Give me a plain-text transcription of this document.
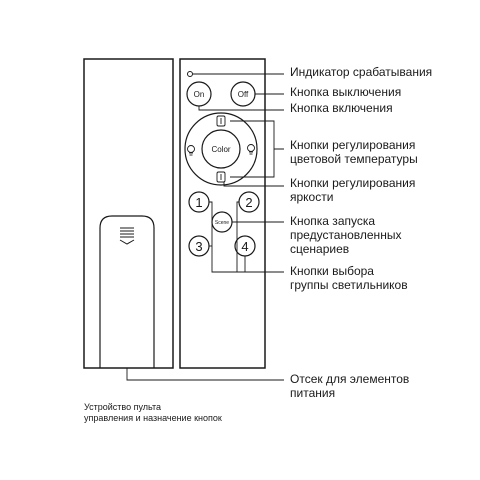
On	Off
Color
1	2
Scene
3	4
Индикатор срабатывания
Кнопка выключения
Кнопка включения
Кнопки регулирования
цветовой температуры
Кнопки регулирования
яркости
Кнопка запуска
предустановленных
сценариев
Кнопки выбора
группы светильников
Отсек для элементов
питания
Устройство пульта
управления и назначение кнопок
